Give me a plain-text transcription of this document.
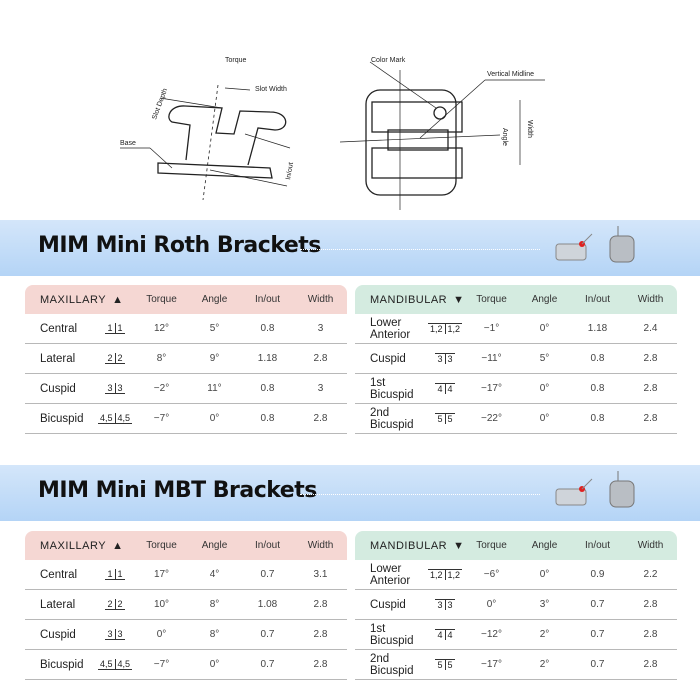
Torque
Slot Width
Slot Depth
Base
In/out
Color Mark
Vertical Midline
Angle	Width
MIM Mini Roth Brackets
MAXILLARY ▲	Torque	Angle	In/out	Width
Central	1 1	12°	5°	0.8	3
Lateral	2 2	8°	9°	1.18	2.8
Cuspid	3 3	−2°	11°	0.8	3
Bicuspid	4,5 4,5	−7°	0°	0.8	2.8
MANDIBULAR ▼	Torque	Angle	In/out	Width
Lower Anterior	1,2 1,2	−1°	0°	1.18	2.4
Cuspid	3 3	−11°	5°	0.8	2.8
1st Bicuspid	4 4	−17°	0°	0.8	2.8
2nd Bicuspid	5 5	−22°	0°	0.8	2.8
MIM Mini MBT Brackets
MAXILLARY ▲	Torque	Angle	In/out	Width
Central	1 1	17°	4°	0.7	3.1
Lateral	2 2	10°	8°	1.08	2.8
Cuspid	3 3	0°	8°	0.7	2.8
Bicuspid	4,5 4,5	−7°	0°	0.7	2.8
MANDIBULAR ▼	Torque	Angle	In/out	Width
Lower Anterior	1,2 1,2	−6°	0°	0.9	2.2
Cuspid	3 3	0°	3°	0.7	2.8
1st Bicuspid	4 4	−12°	2°	0.7	2.8
2nd Bicuspid	5 5	−17°	2°	0.7	2.8
